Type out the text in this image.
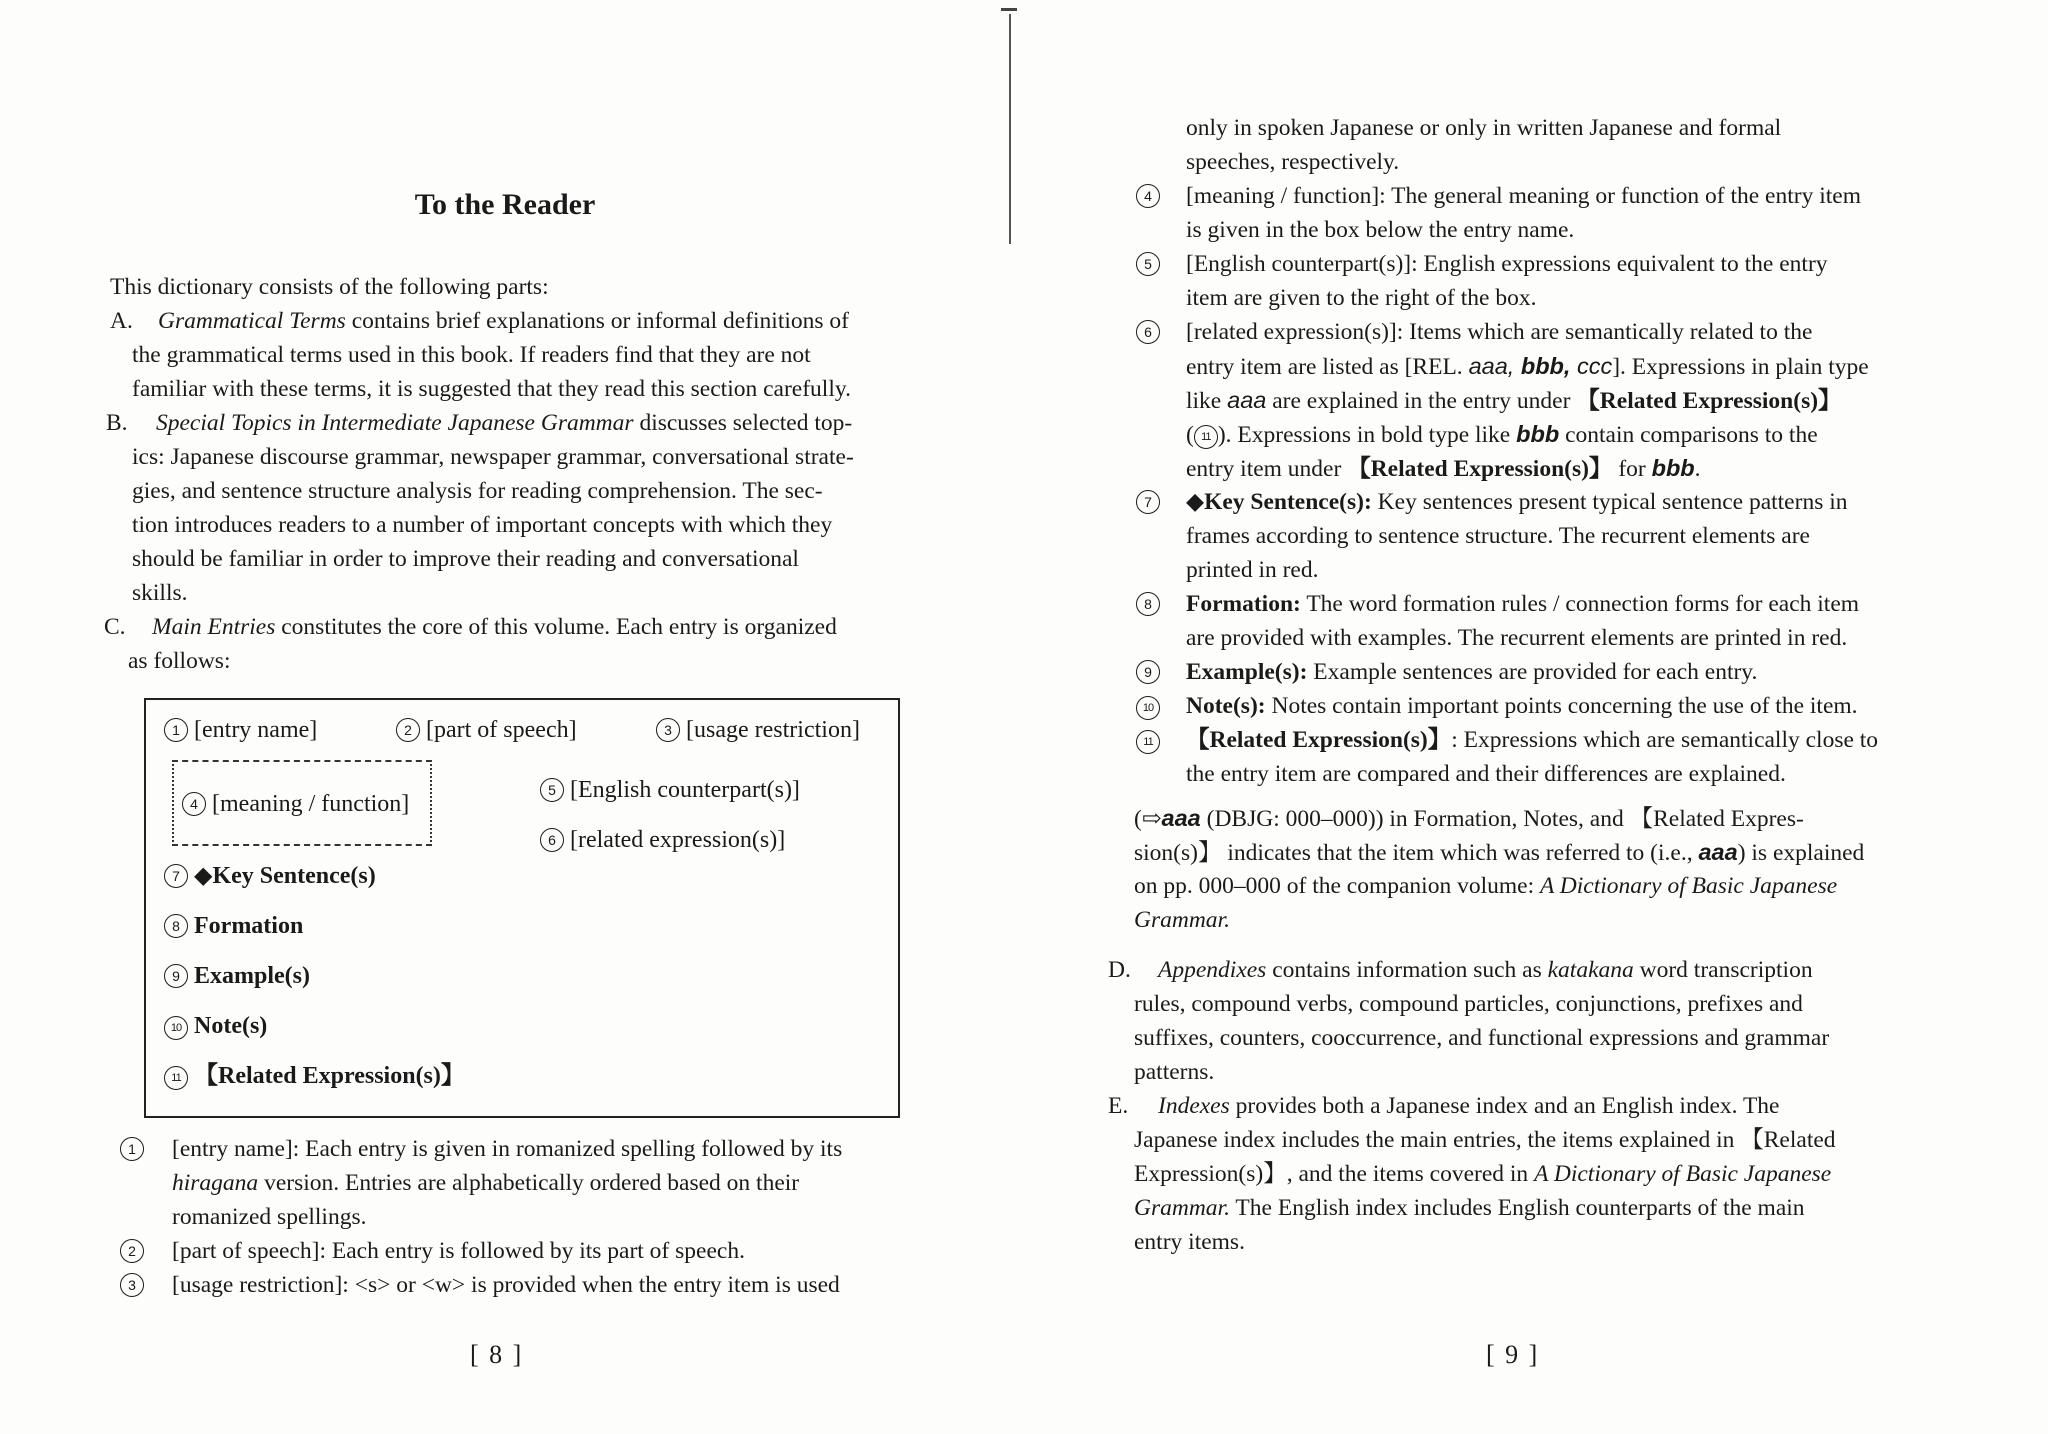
To the Reader
This dictionary consists of the following parts:
A. Grammatical Terms contains brief explanations or informal definitions of
the grammatical terms used in this book. If readers find that they are not
familiar with these terms, it is suggested that they read this section carefully.
B. Special Topics in Intermediate Japanese Grammar discusses selected top-
ics: Japanese discourse grammar, newspaper grammar, conversational strate-
gies, and sentence structure analysis for reading comprehension. The sec-
tion introduces readers to a number of important concepts with which they
should be familiar in order to improve their reading and conversational
skills.
C. Main Entries constitutes the core of this volume. Each entry is organized
as follows:
1 [entry name]	2 [part of speech]	3 [usage restriction]
4 [meaning / function]
5 [English counterpart(s)]
6 [related expression(s)]
7 ◆Key Sentence(s)
8 Formation
9 Example(s)
10 Note(s)
11 【Related Expression(s)】
1	[entry name]: Each entry is given in romanized spelling followed by its
hiragana version. Entries are alphabetically ordered based on their
romanized spellings.
2	[part of speech]: Each entry is followed by its part of speech.
3	[usage restriction]: <s> or <w> is provided when the entry item is used
[ 8 ]
only in spoken Japanese or only in written Japanese and formal
speeches, respectively.
4	[meaning / function]: The general meaning or function of the entry item
is given in the box below the entry name.
5	[English counterpart(s)]: English expressions equivalent to the entry
item are given to the right of the box.
6	[related expression(s)]: Items which are semantically related to the
entry item are listed as [REL. aaa, bbb, ccc]. Expressions in plain type
like aaa are explained in the entry under 【Related Expression(s)】
( 11 ). Expressions in bold type like bbb contain comparisons to the
entry item under 【Related Expression(s)】 for bbb.
7	◆Key Sentence(s): Key sentences present typical sentence patterns in
frames according to sentence structure. The recurrent elements are
printed in red.
8	Formation: The word formation rules / connection forms for each item
are provided with examples. The recurrent elements are printed in red.
9	Example(s): Example sentences are provided for each entry.
10 Note(s): Notes contain important points concerning the use of the item.
11	【Related Expression(s)】: Expressions which are semantically close to
the entry item are compared and their differences are explained.
(⇨aaa (DBJG: 000–000)) in Formation, Notes, and 【Related Expres-
sion(s)】 indicates that the item which was referred to (i.e., aaa) is explained
on pp. 000–000 of the companion volume: A Dictionary of Basic Japanese
Grammar.
D. Appendixes contains information such as katakana word transcription
rules, compound verbs, compound particles, conjunctions, prefixes and
suffixes, counters, cooccurrence, and functional expressions and grammar
patterns.
E. Indexes provides both a Japanese index and an English index. The
Japanese index includes the main entries, the items explained in 【Related
Expression(s)】, and the items covered in A Dictionary of Basic Japanese
Grammar. The English index includes English counterparts of the main
entry items.
[ 9 ]
